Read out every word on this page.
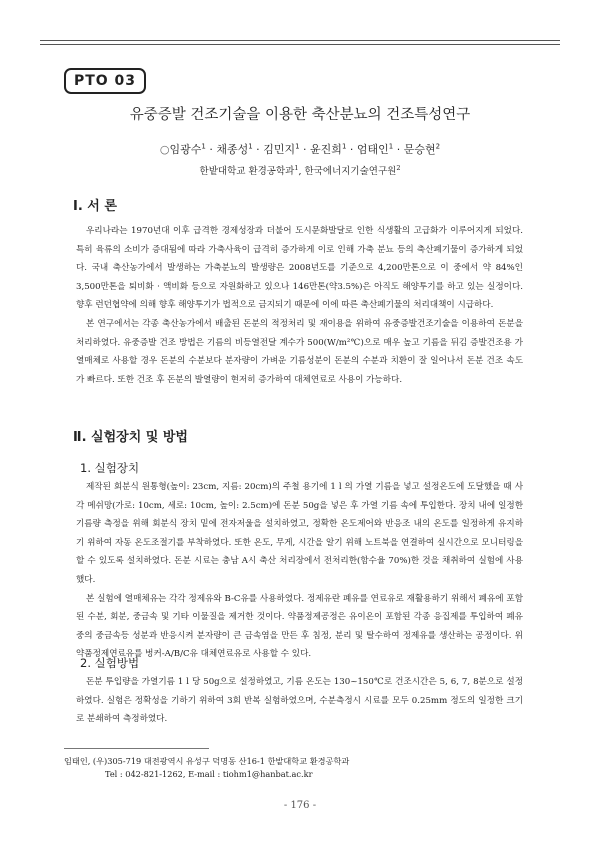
PTO 03
유중증발 건조기술을 이용한 축산분뇨의 건조특성연구
○임광수$^1$ · 채종성$^1$ · 김민지$^1$ · 윤진희$^1$ · 엄태인$^1$ · 문승현$^2$
한밭대학교 환경공학과$^1$, 한국에너지기술연구원$^2$
Ⅰ. 서 론

우리나라는 1970년대 이후 급격한 경제성장과 더불어 도시문화발달로 인한 식생활의 고급화가 이루어지게 되었다. 특히 육류의 소비가 증대됨에 따라 가축사육이 급격히 증가하게 이로 인해 가축 분뇨 등의 축산폐기물이 증가하게 되었다. 국내 축산농가에서 발생하는 가축분뇨의 발생량은 2008년도를 기준으로 4,200만톤으로 이 중에서 약 84%인 3,500만톤을 퇴비화 · 액비화 등으로 자원화하고 있으나 146만톤(약3.5%)은 아직도 해양투기를 하고 있는 실정이다. 향후 런던협약에 의해 향후 해양투기가 법적으로 금지되기 때문에 이에 따른 축산폐기물의 처리대책이 시급하다.

본 연구에서는 각종 축산농가에서 배출된 돈분의 적정처리 및 재이용을 위하여 유중증발건조기술을 이용하여 돈분을 처리하였다. 유중증발 건조 방법은 기름의 비등열전달 계수가 500(W/m²℃)으로 매우 높고 기름을 뒤김 증발건조용 가열매체로 사용할 경우 돈분의 수분보다 분자량이 가벼운 기름성분이 돈분의 수분과 치환이 잘 일어나서 돈분 건조 속도가 빠르다. 또한 건조 후 돈분의 발열량이 현저히 증가하여 대체연료로 사용이 가능하다.

Ⅱ. 실험장치 및 방법
1. 실험장치

제작된 회분식 원통형(높이: 23cm, 지름: 20cm)의 주철 용기에 1 l 의 가열 기름을 넣고 설정온도에 도달했을 때 사각 메쉬망(가로: 10cm, 세로: 10cm, 높이: 2.5cm)에 돈분 50g을 넣은 후 가열 기름 속에 투입한다. 장치 내에 일정한 기름량 측정을 위해 회분식 장치 밑에 전자저울을 설치하였고, 정확한 온도제어와 반응조 내의 온도를 일정하게 유지하기 위하여 자동 온도조절기를 부착하였다. 또한 온도, 무게, 시간을 알기 위해 노트북을 연결하여 실시간으로 모니터링을 할 수 있도록 설치하였다. 돈분 시료는 충남 A시 축산 처리장에서 전처리한(함수율 70%)한 것을 채취하여 실험에 사용했다.

본 실험에 열매체유는 각각 정제유와 B-C유를 사용하였다. 정제유란 폐유를 연료유로 재활용하기 위해서 폐유에 포함된 수분, 회분, 중금속 및 기타 이물질을 제거한 것이다. 약품정제공정은 유이온이 포함된 각종 응집제를 투입하여 폐유중의 중금속등 성분과 반응시켜 분자량이 큰 금속염을 만든 후 침정, 분리 및 탈수하여 정제유를 생산하는 공정이다. 위 약품정제연료유를 벙커-A/B/C유 대체연료유로 사용할 수 있다.

2. 실험방법

돈분 투입량을 가열기름 1 l 당 50g으로 설정하였고, 기름 온도는 130~150℃로 건조시간은 5, 6, 7, 8분으로 설정하였다. 실험은 정확성을 기하기 위하여 3회 반복 실험하였으며, 수분측정시 시료를 모두 0.25mm 정도의 일정한 크기로 분쇄하여 측정하였다.

임태인, (우)305-719 대전광역시 유성구 덕명동 산16-1 한밭대학교 환경공학과
Tel : 042-821-1262, E-mail : tiohm1@hanbat.ac.kr
- 176 -
